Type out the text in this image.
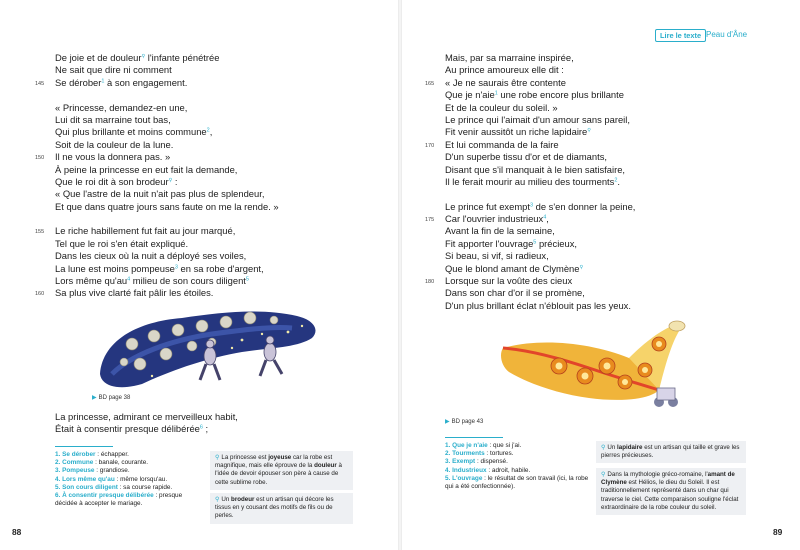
De joie et de douleur⚲ l'infante pénétrée
Ne sait que dire ni comment
145	Se dérober$^1$ à son engagement.
« Princesse, demandez-en une,
Lui dit sa marraine tout bas,
Qui plus brillante et moins commune$^2$,
Soit de la couleur de la lune.
150	Il ne vous la donnera pas. »
À peine la princesse en eut fait la demande,
Que le roi dit à son brodeur⚲ :
« Que l'astre de la nuit n'ait pas plus de splendeur,
Et que dans quatre jours sans faute on me la rende. »
155	Le riche habillement fut fait au jour marqué,
Tel que le roi s'en était expliqué.
Dans les cieux où la nuit a déployé ses voiles,
La lune est moins pompeuse$^3$ en sa robe d'argent,
Lors même $qu'au^4$ milieu de son cours diligent$^5$
160	Sa plus vive clarté fait pâlir les étoiles.
▶ BD page 38
La princesse, admirant ce merveilleux habit,
Était à consentir presque délibérée$^6$ ;
1. Se dérober : échapper.
2. Commune : banale, courante.
3. Pompeuse : grandiose.
4. Lors même qu'au : même lorsqu'au.
5. Son cours diligent : sa course rapide.
6. À consentir presque délibérée : presque décidée à accepter le mariage.
⚲ La princesse est joyeuse car la robe est magnifique, mais elle éprouve de la douleur à l'idée de devoir épouser son père à cause de cette sublime robe.
⚲ Un brodeur est un artisan qui décore les tissus en y cousant des motifs de fils ou de perles.
88
Lire le texte Peau d'Âne
Mais, par sa marraine inspirée,
Au prince amoureux elle dit :
165	« Je ne saurais être contente
Que je n'aie$^1$ une robe encore plus brillante
Et de la couleur du soleil. »
Le prince qui l'aimait d'un amour sans pareil,
Fit venir aussitôt un riche lapidaire⚲
170	Et lui commanda de la faire
D'un superbe tissu d'or et de diamants,
Disant que s'il manquait à le bien satisfaire,
Il le ferait mourir au milieu des tourments$^2$.
Le prince fut exempt$^3$ de s'en donner la peine,
175	Car l'ouvrier industrieux$^4$,
Avant la fin de la semaine,
Fit apporter l'ouvrage$^5$ précieux,
Si beau, si vif, si radieux,
Que le blond amant de Clymène⚲
180	Lorsque sur la voûte des cieux
Dans son char d'or il se promène,
D'un plus brillant éclat n'éblouit pas les yeux.
▶ BD page 43
1. Que je n'aie : que si j'ai.
2. Tourments : tortures.
3. Exempt : dispensé.
4. Industrieux : adroit, habile.
5. L'ouvrage : le résultat de son travail (ici, la robe qui a été confectionnée).
⚲ Un lapidaire est un artisan qui taille et grave les pierres précieuses.
⚲ Dans la mythologie gréco-romaine, l'amant de Clymène est Hélios, le dieu du Soleil. Il est traditionnellement représenté dans un char qui traverse le ciel. Cette comparaison souligne l'éclat extraordinaire de la robe couleur du soleil.
89
